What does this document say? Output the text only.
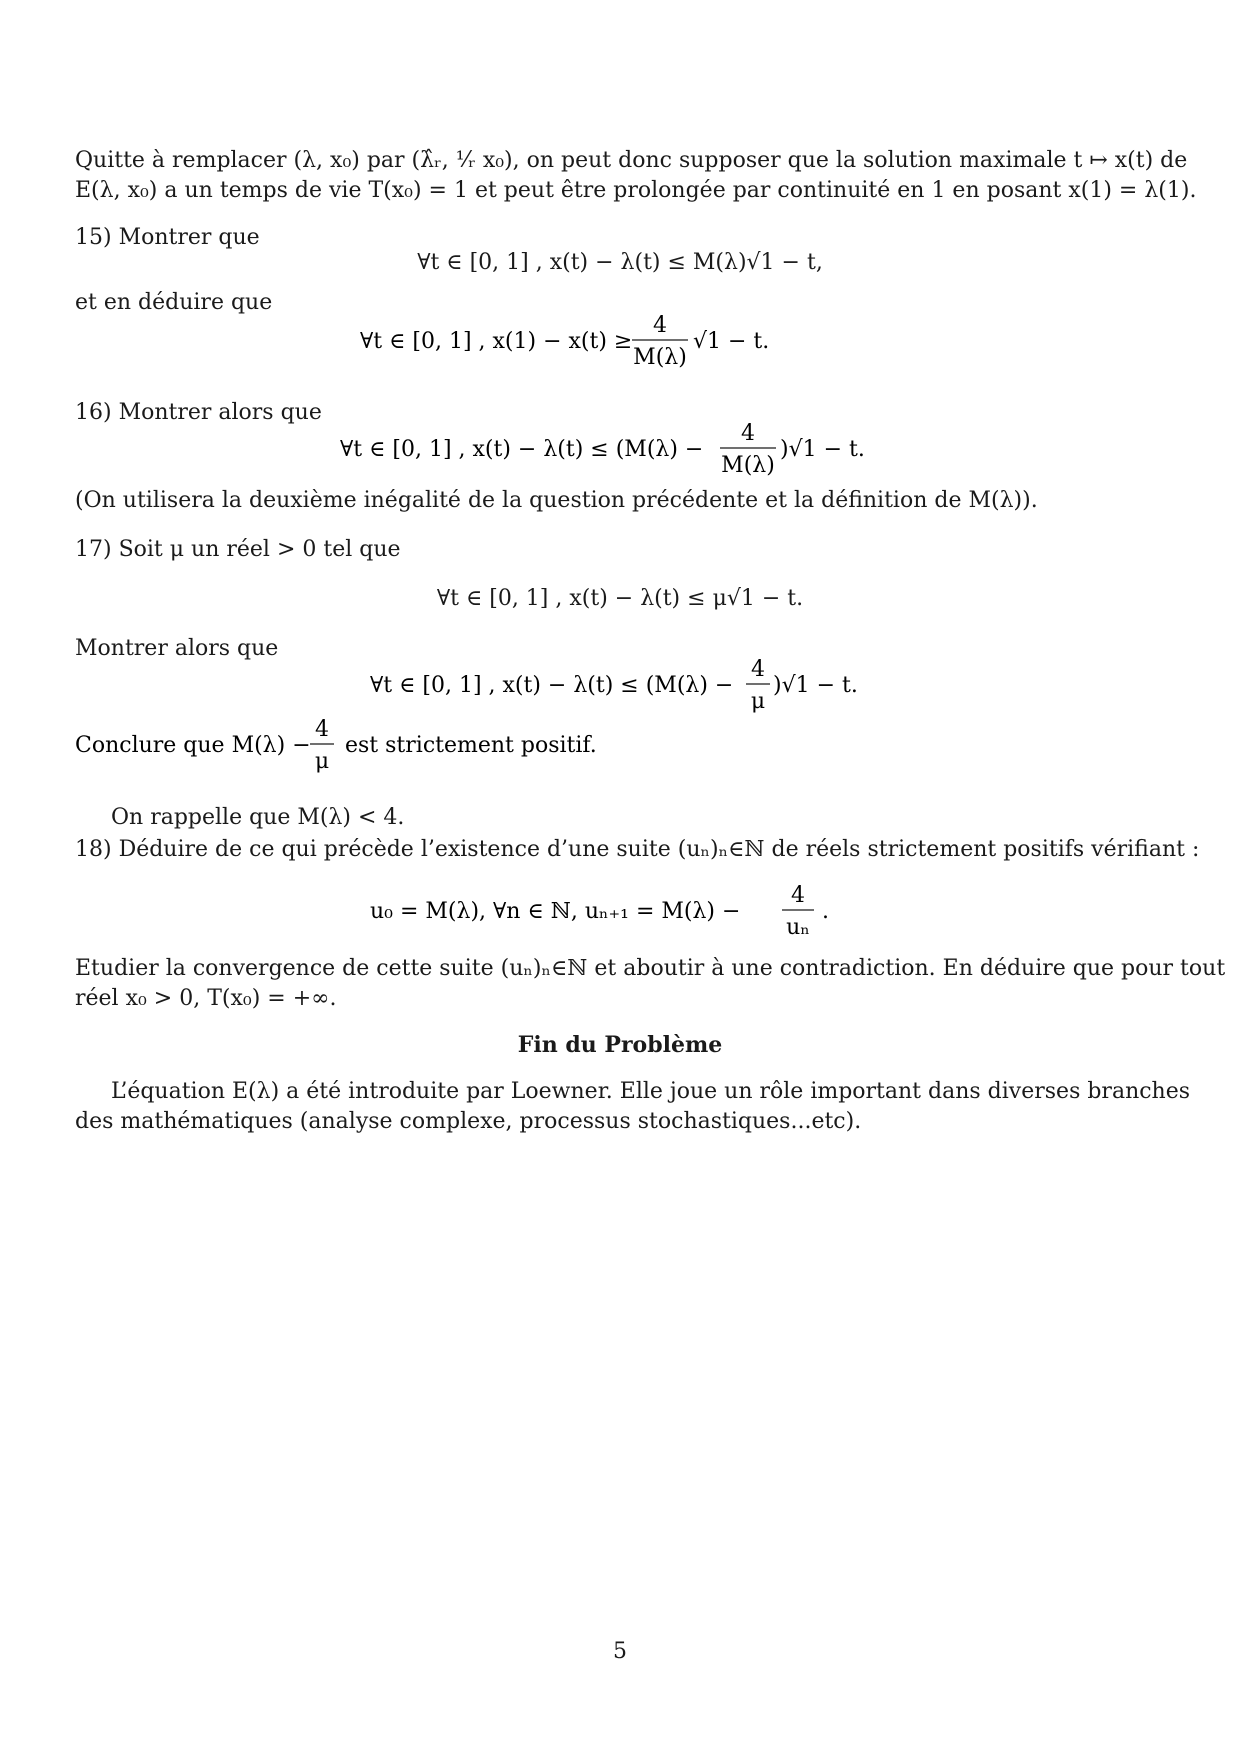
Quitte à remplacer (λ, x₀) par (λ̂ᵣ, ¹⁄ᵣ x₀), on peut donc supposer que la solution maximale t ↦ x(t) de
E(λ, x₀) a un temps de vie T(x₀) = 1 et peut être prolongée par continuité en 1 en posant x(1) = λ(1).
15) Montrer que
∀t ∈ [0, 1] , x(t) − λ(t) ≤ M(λ)√1 − t,
et en déduire que
∀t ∈ [0, 1] , x(1) − x(t) ≥
4
M(λ)
√1 − t.
16) Montrer alors que
∀t ∈ [0, 1] , x(t) − λ(t) ≤ (M(λ) −
4
M(λ)
)√1 − t.
(On utilisera la deuxième inégalité de la question précédente et la définition de M(λ)).
17) Soit μ un réel > 0 tel que
∀t ∈ [0, 1] , x(t) − λ(t) ≤ μ√1 − t.
Montrer alors que
∀t ∈ [0, 1] , x(t) − λ(t) ≤ (M(λ) −
4
μ
)√1 − t.
Conclure que M(λ) −
4
μ
est strictement positif.
On rappelle que M(λ) < 4.
18) Déduire de ce qui précède l’existence d’une suite (uₙ)ₙ∈ℕ de réels strictement positifs vérifiant :
u₀ = M(λ), ∀n ∈ ℕ, uₙ₊₁ = M(λ) −
4
uₙ
.
Etudier la convergence de cette suite (uₙ)ₙ∈ℕ et aboutir à une contradiction. En déduire que pour tout
réel x₀ > 0, T(x₀) = +∞.
Fin du Problème
L’équation E(λ) a été introduite par Loewner. Elle joue un rôle important dans diverses branches
des mathématiques (analyse complexe, processus stochastiques...etc).
5
